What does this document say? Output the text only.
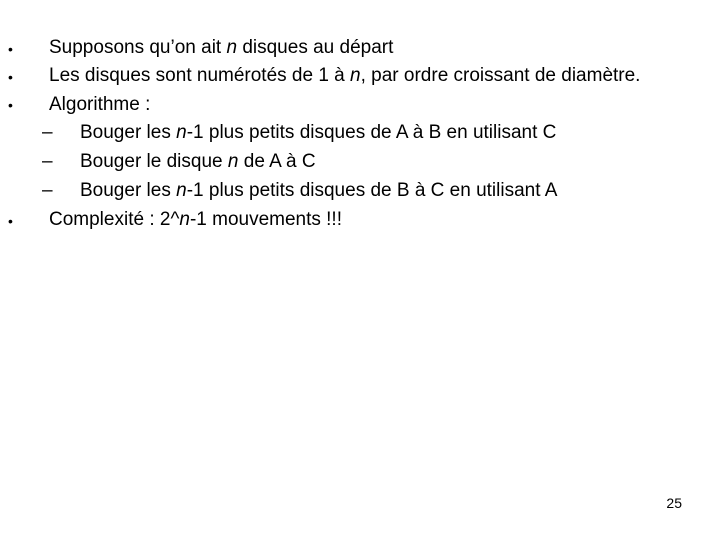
• Supposons qu’on ait n disques au départ
• Les disques sont numérotés de 1 à n, par ordre croissant de diamètre.
• Algorithme :
– Bouger les n-1 plus petits disques de A à B en utilisant C
– Bouger le disque n de A à C
– Bouger les n-1 plus petits disques de B à C en utilisant A
• Complexité : 2^n-1 mouvements !!!
25
